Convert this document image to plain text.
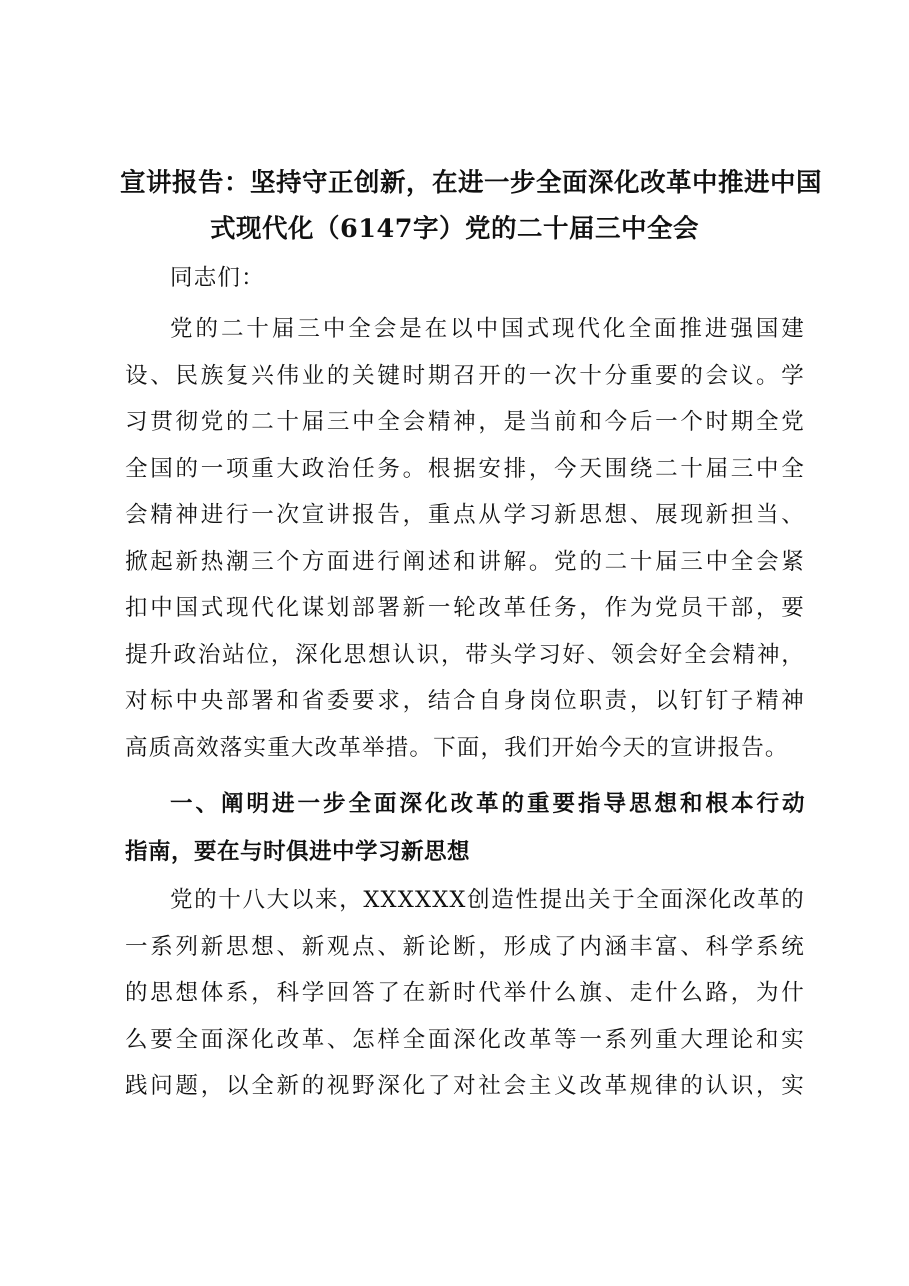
宣讲报告：坚持守正创新，在进一步全面深化改革中推进中国
式现代化（6147字）党的二十届三中全会
同志们：
党的二十届三中全会是在以中国式现代化全面推进强国建
设、民族复兴伟业的关键时期召开的一次十分重要的会议。学
习贯彻党的二十届三中全会精神，是当前和今后一个时期全党
全国的一项重大政治任务。根据安排，今天围绕二十届三中全
会精神进行一次宣讲报告，重点从学习新思想、展现新担当、
掀起新热潮三个方面进行阐述和讲解。党的二十届三中全会紧
扣中国式现代化谋划部署新一轮改革任务，作为党员干部，要
提升政治站位，深化思想认识，带头学习好、领会好全会精神，
对标中央部署和省委要求，结合自身岗位职责，以钉钉子精神
高质高效落实重大改革举措。下面，我们开始今天的宣讲报告。
一、阐明进一步全面深化改革的重要指导思想和根本行动
指南，要在与时俱进中学习新思想
党的十八大以来，XXXXXX创造性提出关于全面深化改革的
一系列新思想、新观点、新论断，形成了内涵丰富、科学系统
的思想体系，科学回答了在新时代举什么旗、走什么路，为什
么要全面深化改革、怎样全面深化改革等一系列重大理论和实
践问题，以全新的视野深化了对社会主义改革规律的认识，实
